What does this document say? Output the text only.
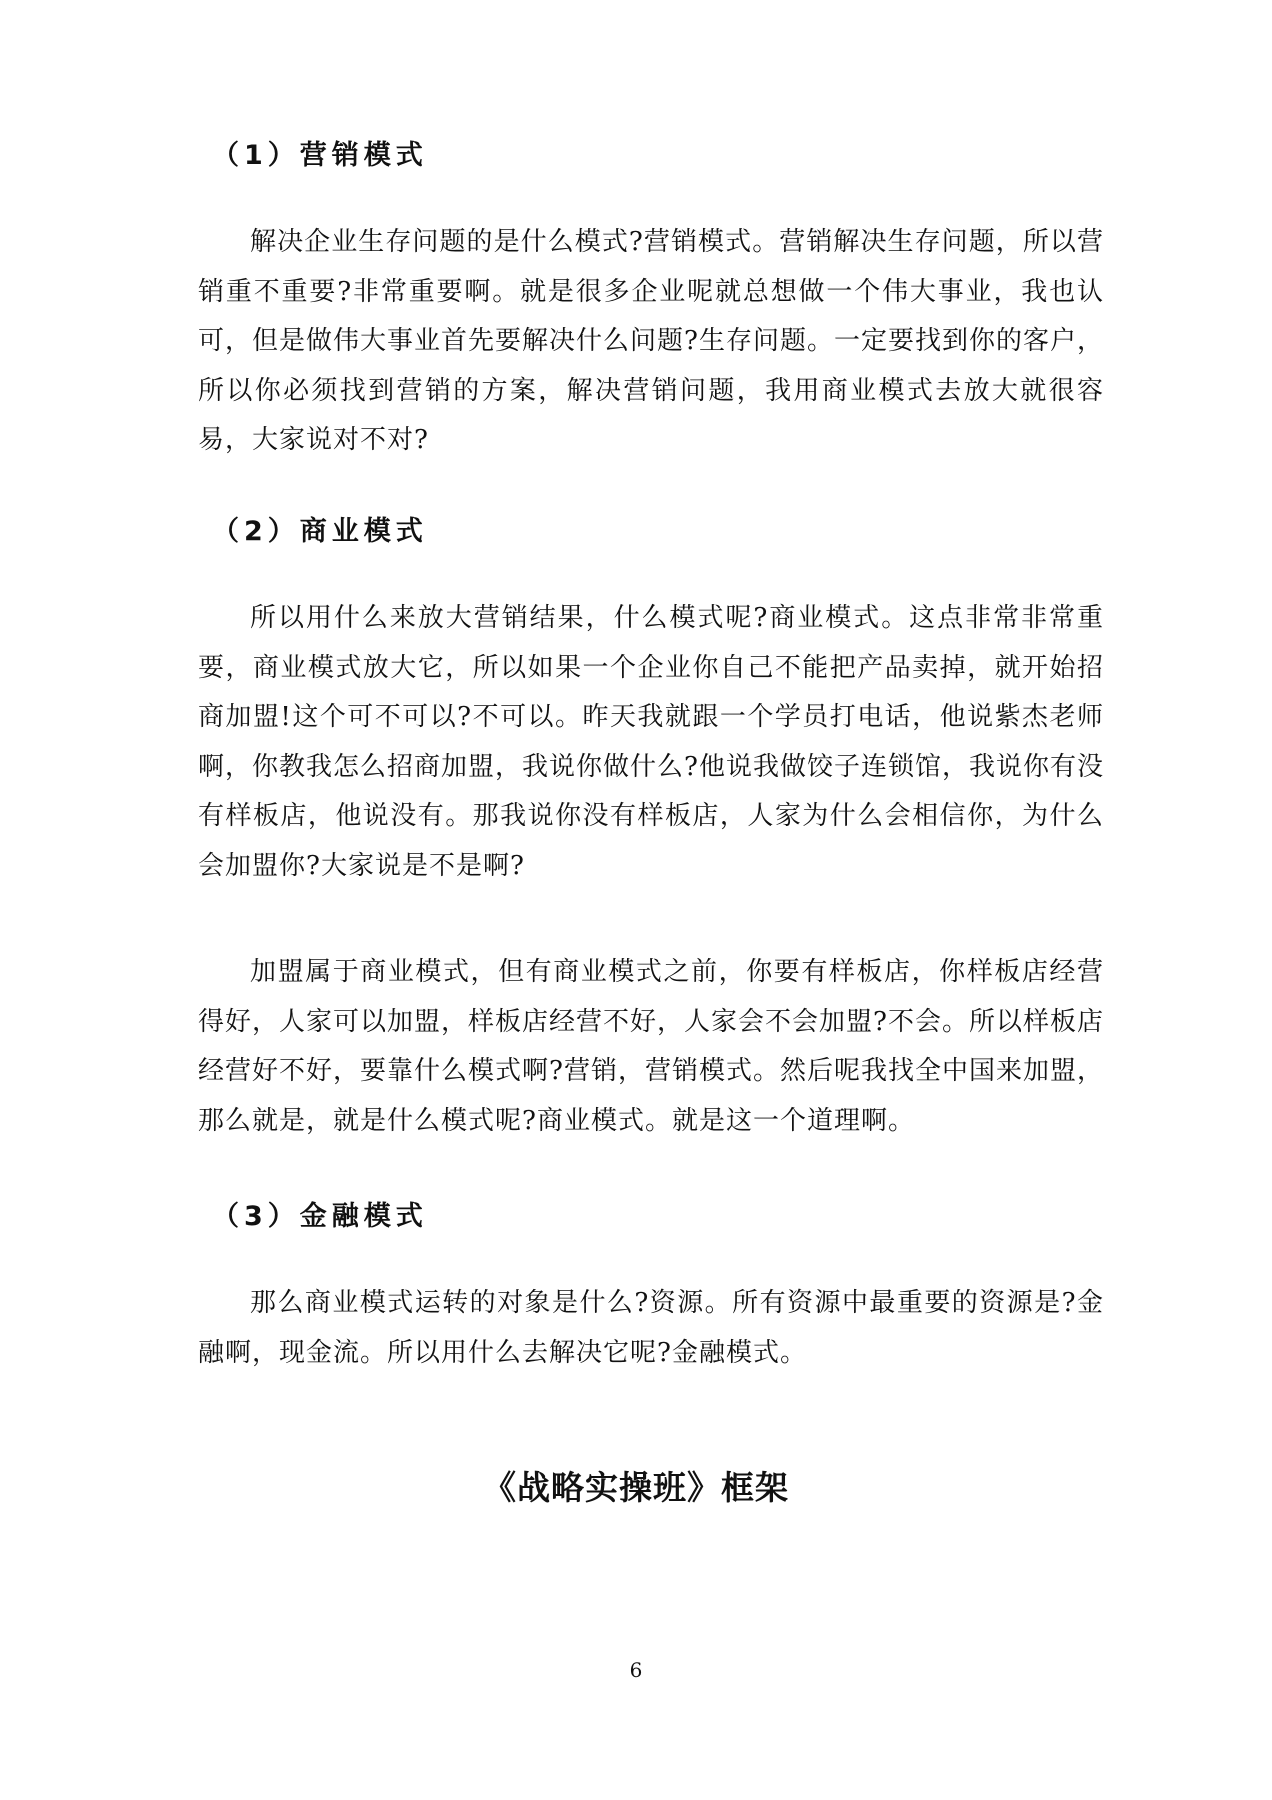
（1）营销模式
解决企业生存问题的是什么模式?营销模式。营销解决生存问题，所以营销重不重要?非常重要啊。就是很多企业呢就总想做一个伟大事业，我也认可，但是做伟大事业首先要解决什么问题?生存问题。一定要找到你的客户，所以你必须找到营销的方案，解决营销问题，我用商业模式去放大就很容易，大家说对不对?
（2）商业模式
所以用什么来放大营销结果，什么模式呢?商业模式。这点非常非常重要，商业模式放大它，所以如果一个企业你自己不能把产品卖掉，就开始招商加盟!这个可不可以?不可以。昨天我就跟一个学员打电话，他说紫杰老师啊，你教我怎么招商加盟，我说你做什么?他说我做饺子连锁馆，我说你有没有样板店，他说没有。那我说你没有样板店，人家为什么会相信你，为什么会加盟你?大家说是不是啊?
加盟属于商业模式，但有商业模式之前，你要有样板店，你样板店经营得好，人家可以加盟，样板店经营不好，人家会不会加盟?不会。所以样板店经营好不好，要靠什么模式啊?营销，营销模式。然后呢我找全中国来加盟，那么就是，就是什么模式呢?商业模式。就是这一个道理啊。
（3）金融模式
那么商业模式运转的对象是什么?资源。所有资源中最重要的资源是?金融啊，现金流。所以用什么去解决它呢?金融模式。
《战略实操班》框架
6
